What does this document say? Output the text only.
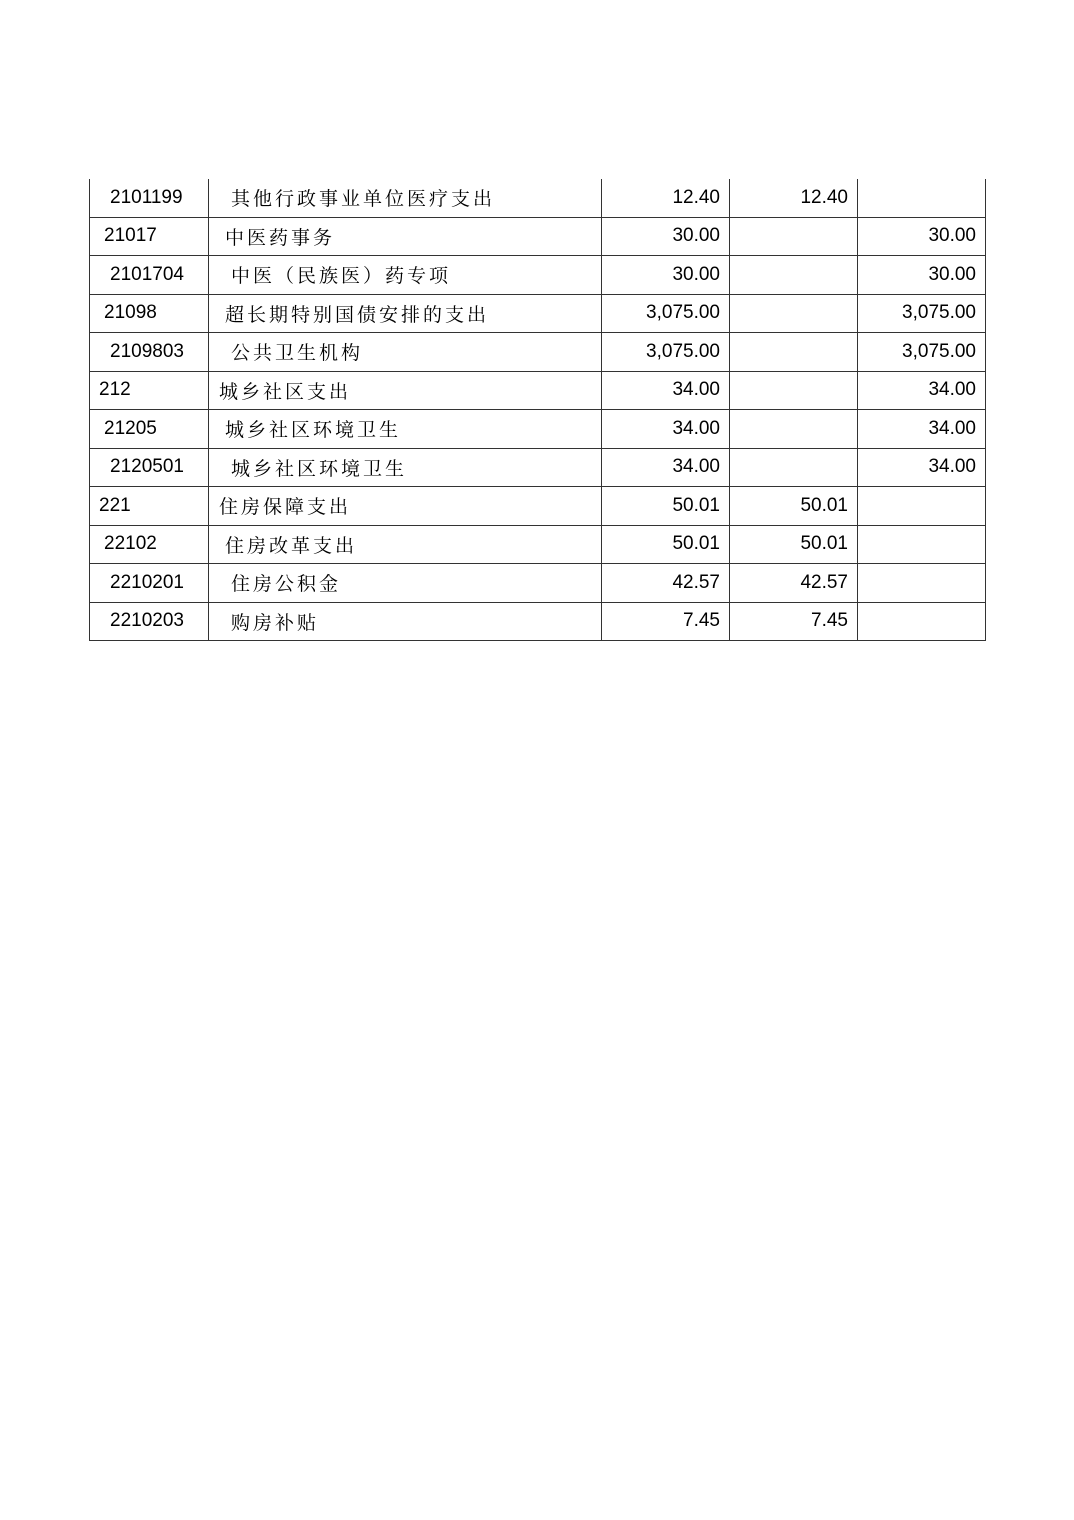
2101199	其他行政事业单位医疗支出	12.40	12.40	
21017	中医药事务	30.00		30.00
2101704	中医（民族医）药专项	30.00		30.00
21098	超长期特别国债安排的支出	3,075.00		3,075.00
2109803	公共卫生机构	3,075.00		3,075.00
212	城乡社区支出	34.00		34.00
21205	城乡社区环境卫生	34.00		34.00
2120501	城乡社区环境卫生	34.00		34.00
221	住房保障支出	50.01	50.01	
22102	住房改革支出	50.01	50.01	
2210201	住房公积金	42.57	42.57	
2210203	购房补贴	7.45	7.45	
